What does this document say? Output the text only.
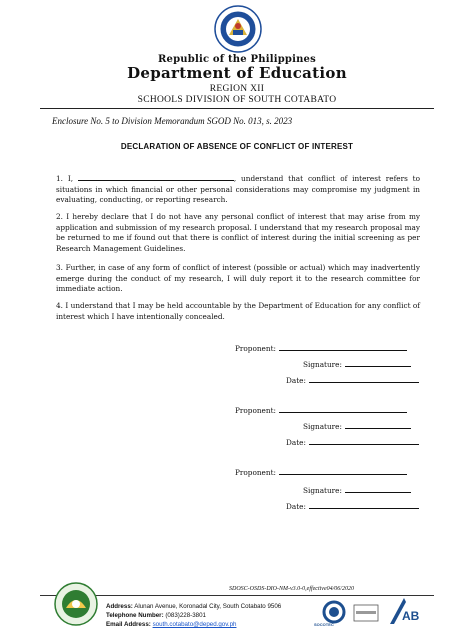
Republic of the Philippines
Department of Education
REGION XII
SCHOOLS DIVISION OF SOUTH COTABATO
Enclosure No. 5 to Division Memorandum SGOD No. 013, s. 2023
DECLARATION OF ABSENCE OF CONFLICT OF INTEREST
1. I,	, understand that conflict of interest refers to situations in which financial or other personal considerations may compromise my judgment in evaluating, conducting, or reporting research.
2. I hereby declare that I do not have any personal conflict of interest that may arise from my application and submission of my research proposal. I understand that my research proposal may be returned to me if found out that there is conflict of interest during the initial screening as per Research Management Guidelines.
3. Further, in case of any form of conflict of interest (possible or actual) which may inadvertently emerge during the conduct of my research, I will duly report it to the research committee for immediate action.
4. I understand that I may be held accountable by the Department of Education for any conflict of interest which I have intentionally concealed.
Proponent:
Signature:
Date:
Proponent:
Signature:
Date:
Proponent:
Signature:
Date:
SDOSC-OSDS-DIO-NM-v3.0-0,effective04/06/2020
Address: Alunan Avenue, Koronadal City, South Cotabato 9506
Telephone Number: (083)228-3801
Email Address: south.cotabato@deped.gov.ph	SOCOTEC
AB
